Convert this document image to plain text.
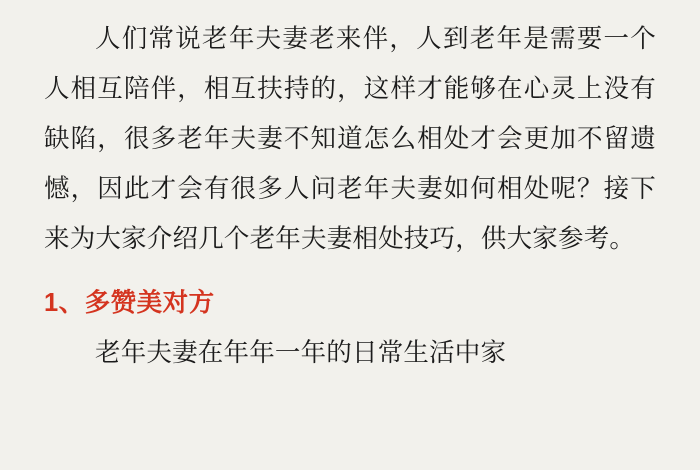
人们常说老年夫妻老来伴，人到老年是需要一个人相互陪伴，相互扶持的，这样才能够在心灵上没有缺陷，很多老年夫妻不知道怎么相处才会更加不留遗憾，因此才会有很多人问老年夫妻如何相处呢？接下来为大家介绍几个老年夫妻相处技巧，供大家参考。

1、多赞美对方

老年夫妻在年年一年的日常生活中家
